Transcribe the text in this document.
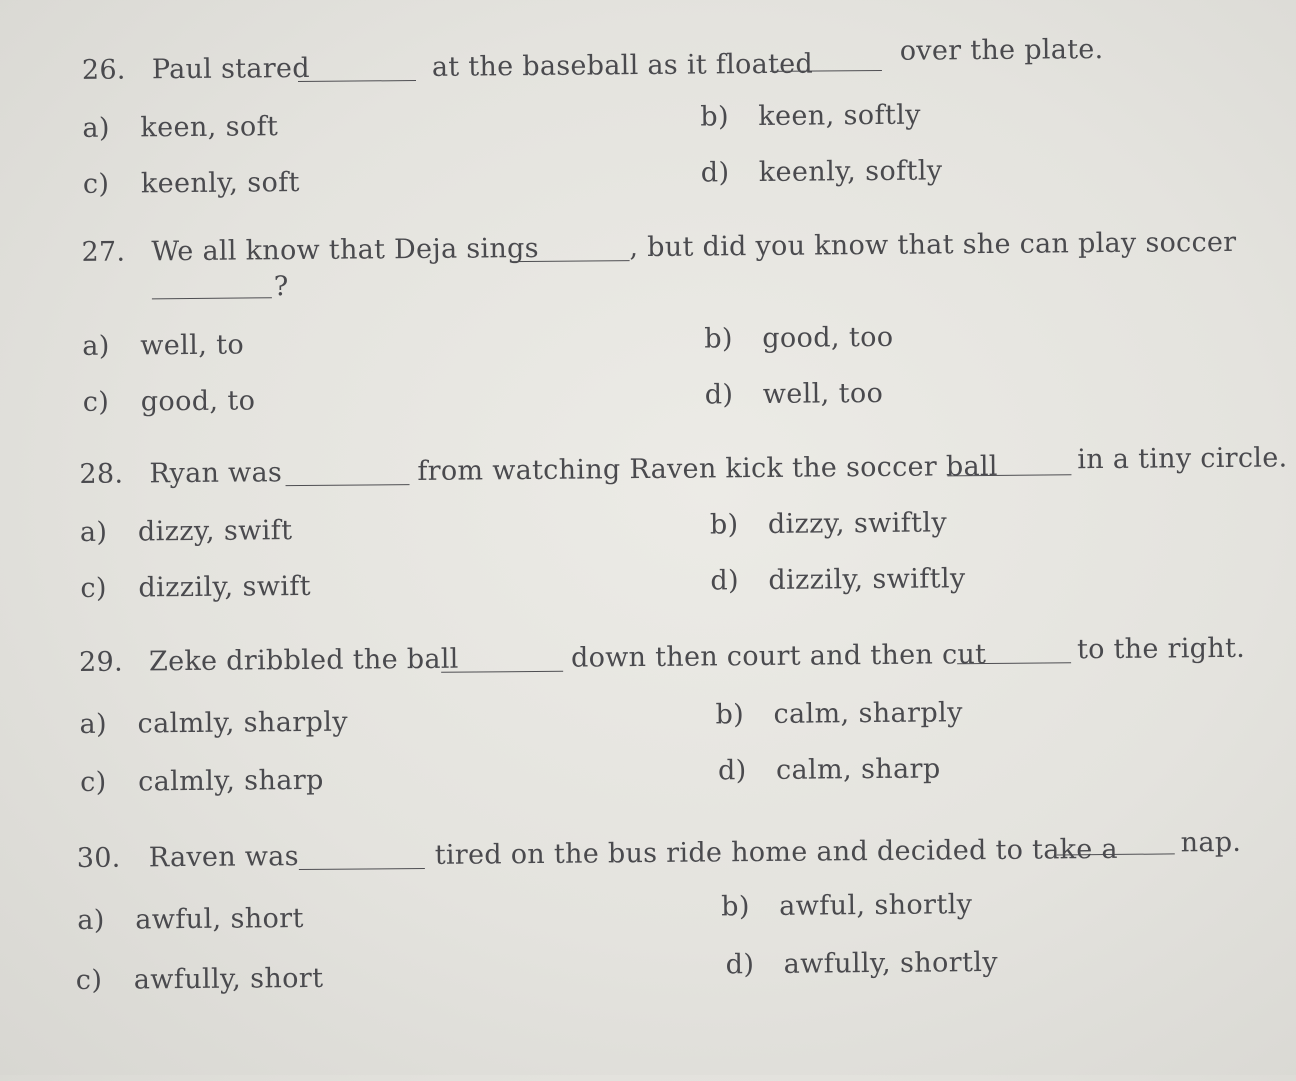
26. Paul stared	at the baseball as it floated	over the plate.
a) keen, soft	b) keen, softly
c) keenly, soft	d) keenly, softly
27. We all know that Deja sings	, but did you know that she can play soccer
?
a) well, to	b) good, too
c) good, to	d) well, too
28. Ryan was	from watching Raven kick the soccer ball	in a tiny circle.
a) dizzy, swift	b) dizzy, swiftly
c) dizzily, swift	d) dizzily, swiftly
29. Zeke dribbled the ball	down then court and then cut	to the right.
a) calmly, sharply	b) calm, sharply
c) calmly, sharp	d) calm, sharp
30. Raven was	tired on the bus ride home and decided to take a nap.
a) awful, short	b) awful, shortly
c) awfully, short	d) awfully, shortly
